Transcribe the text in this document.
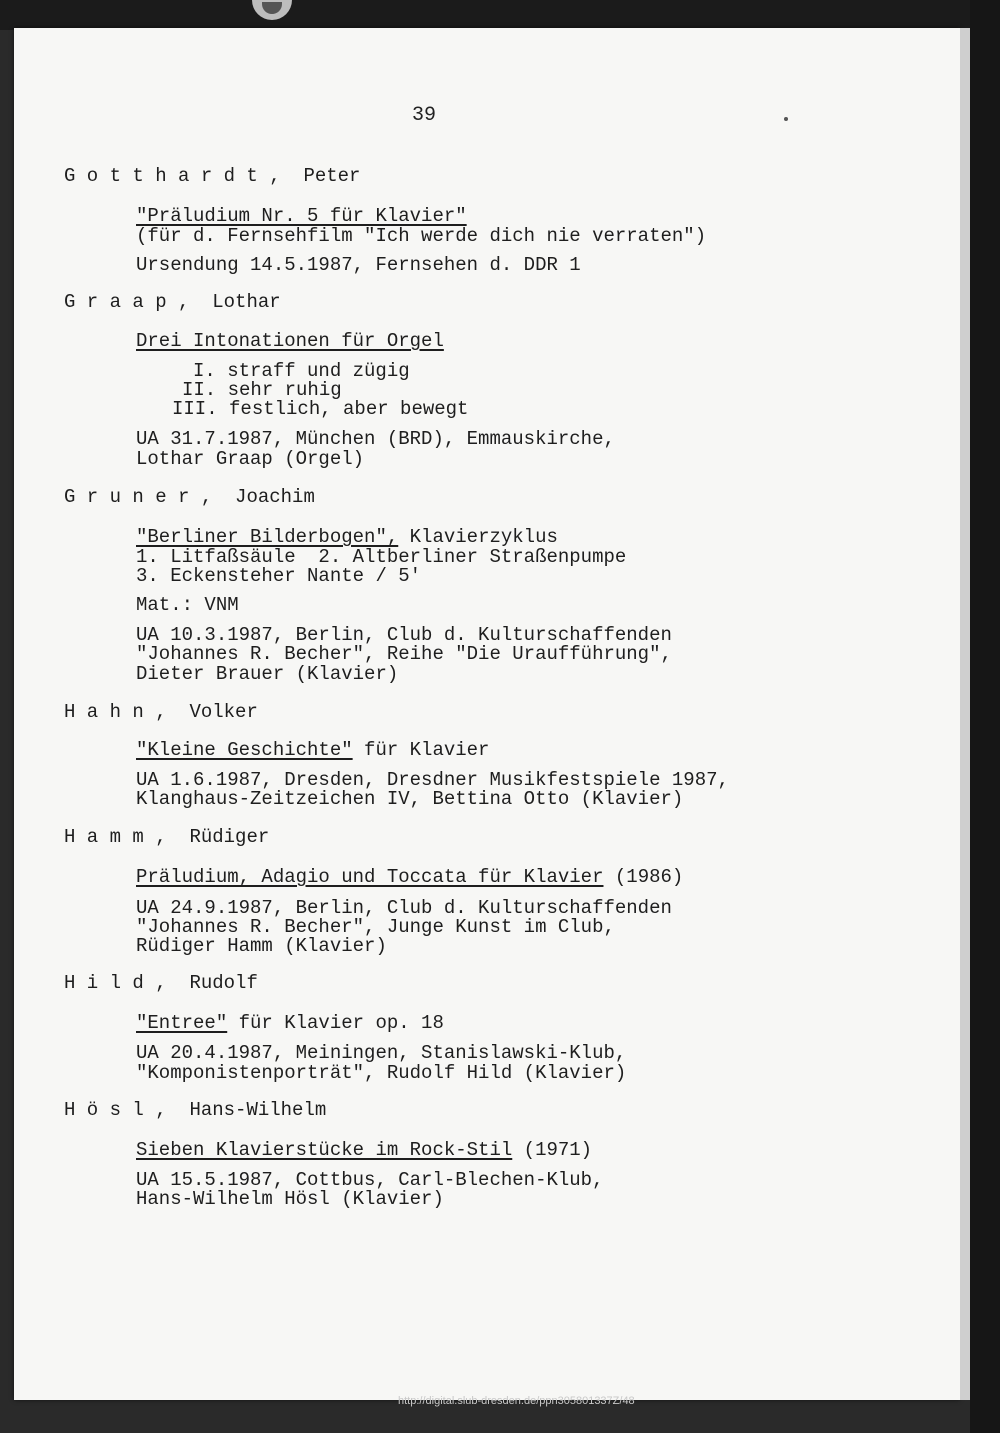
39
G o t t h a r d t , Peter
"Präludium Nr. 5 für Klavier"
(für d. Fernsehfilm "Ich werde dich nie verraten")
Ursendung 14.5.1987, Fernsehen d. DDR 1
G r a a p , Lothar
Drei Intonationen für Orgel
I. straff und zügig
II. sehr ruhig
III. festlich, aber bewegt
UA 31.7.1987, München (BRD), Emmauskirche,
Lothar Graap (Orgel)
G r u n e r , Joachim
"Berliner Bilderbogen", Klavierzyklus
1. Litfaßsäule  2. Altberliner Straßenpumpe
3. Eckensteher Nante / 5'
Mat.: VNM
UA 10.3.1987, Berlin, Club d. Kulturschaffenden
"Johannes R. Becher", Reihe "Die Uraufführung",
Dieter Brauer (Klavier)
H a h n , Volker
"Kleine Geschichte" für Klavier
UA 1.6.1987, Dresden, Dresdner Musikfestspiele 1987,
Klanghaus-Zeitzeichen IV, Bettina Otto (Klavier)
H a m m , Rüdiger
Präludium, Adagio und Toccata für Klavier (1986)
UA 24.9.1987, Berlin, Club d. Kulturschaffenden
"Johannes R. Becher", Junge Kunst im Club,
Rüdiger Hamm (Klavier)
H i l d , Rudolf
"Entree" für Klavier op. 18
UA 20.4.1987, Meiningen, Stanislawski-Klub,
"Komponistenporträt", Rudolf Hild (Klavier)
H ö s l , Hans-Wilhelm
Sieben Klavierstücke im Rock-Stil (1971)
UA 15.5.1987, Cottbus, Carl-Blechen-Klub,
Hans-Wilhelm Hösl (Klavier)
http://digital.slub-dresden.de/ppn305801337Z/48
